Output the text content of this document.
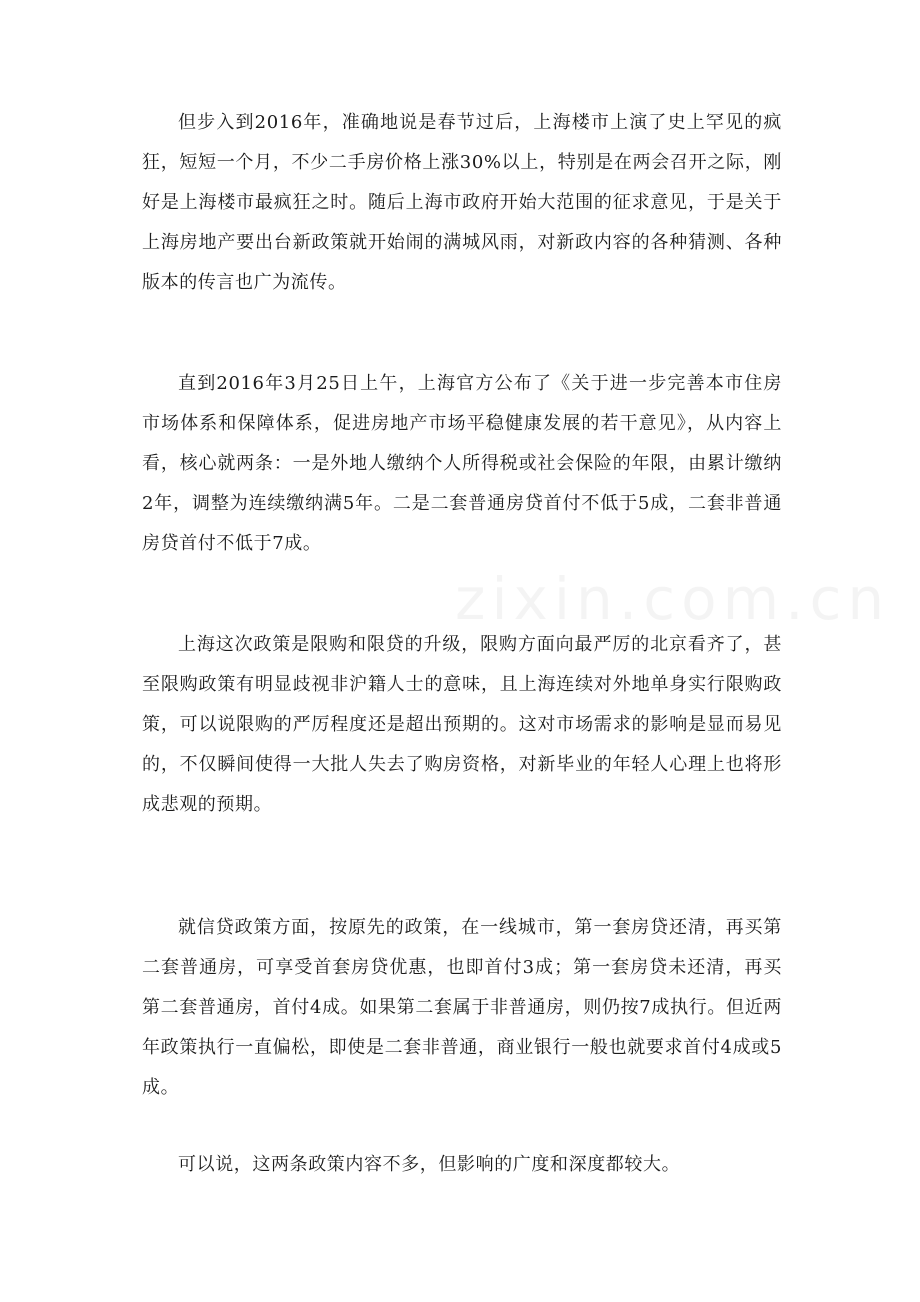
但步入到2016年，准确地说是春节过后，上海楼市上演了史上罕见的疯狂，短短一个月，不少二手房价格上涨30%以上，特别是在两会召开之际，刚好是上海楼市最疯狂之时。随后上海市政府开始大范围的征求意见，于是关于上海房地产要出台新政策就开始闹的满城风雨，对新政内容的各种猜测、各种版本的传言也广为流传。

直到2016年3月25日上午，上海官方公布了《关于进一步完善本市住房市场体系和保障体系，促进房地产市场平稳健康发展的若干意见》，从内容上看，核心就两条：一是外地人缴纳个人所得税或社会保险的年限，由累计缴纳2年，调整为连续缴纳满5年。二是二套普通房贷首付不低于5成，二套非普通房贷首付不低于7成。

上海这次政策是限购和限贷的升级，限购方面向最严厉的北京看齐了，甚至限购政策有明显歧视非沪籍人士的意味，且上海连续对外地单身实行限购政策，可以说限购的严厉程度还是超出预期的。这对市场需求的影响是显而易见的，不仅瞬间使得一大批人失去了购房资格，对新毕业的年轻人心理上也将形成悲观的预期。

就信贷政策方面，按原先的政策，在一线城市，第一套房贷还清，再买第二套普通房，可享受首套房贷优惠，也即首付3成；第一套房贷未还清，再买第二套普通房，首付4成。如果第二套属于非普通房，则仍按7成执行。但近两年政策执行一直偏松，即使是二套非普通，商业银行一般也就要求首付4成或5成。

可以说，这两条政策内容不多，但影响的广度和深度都较大。
